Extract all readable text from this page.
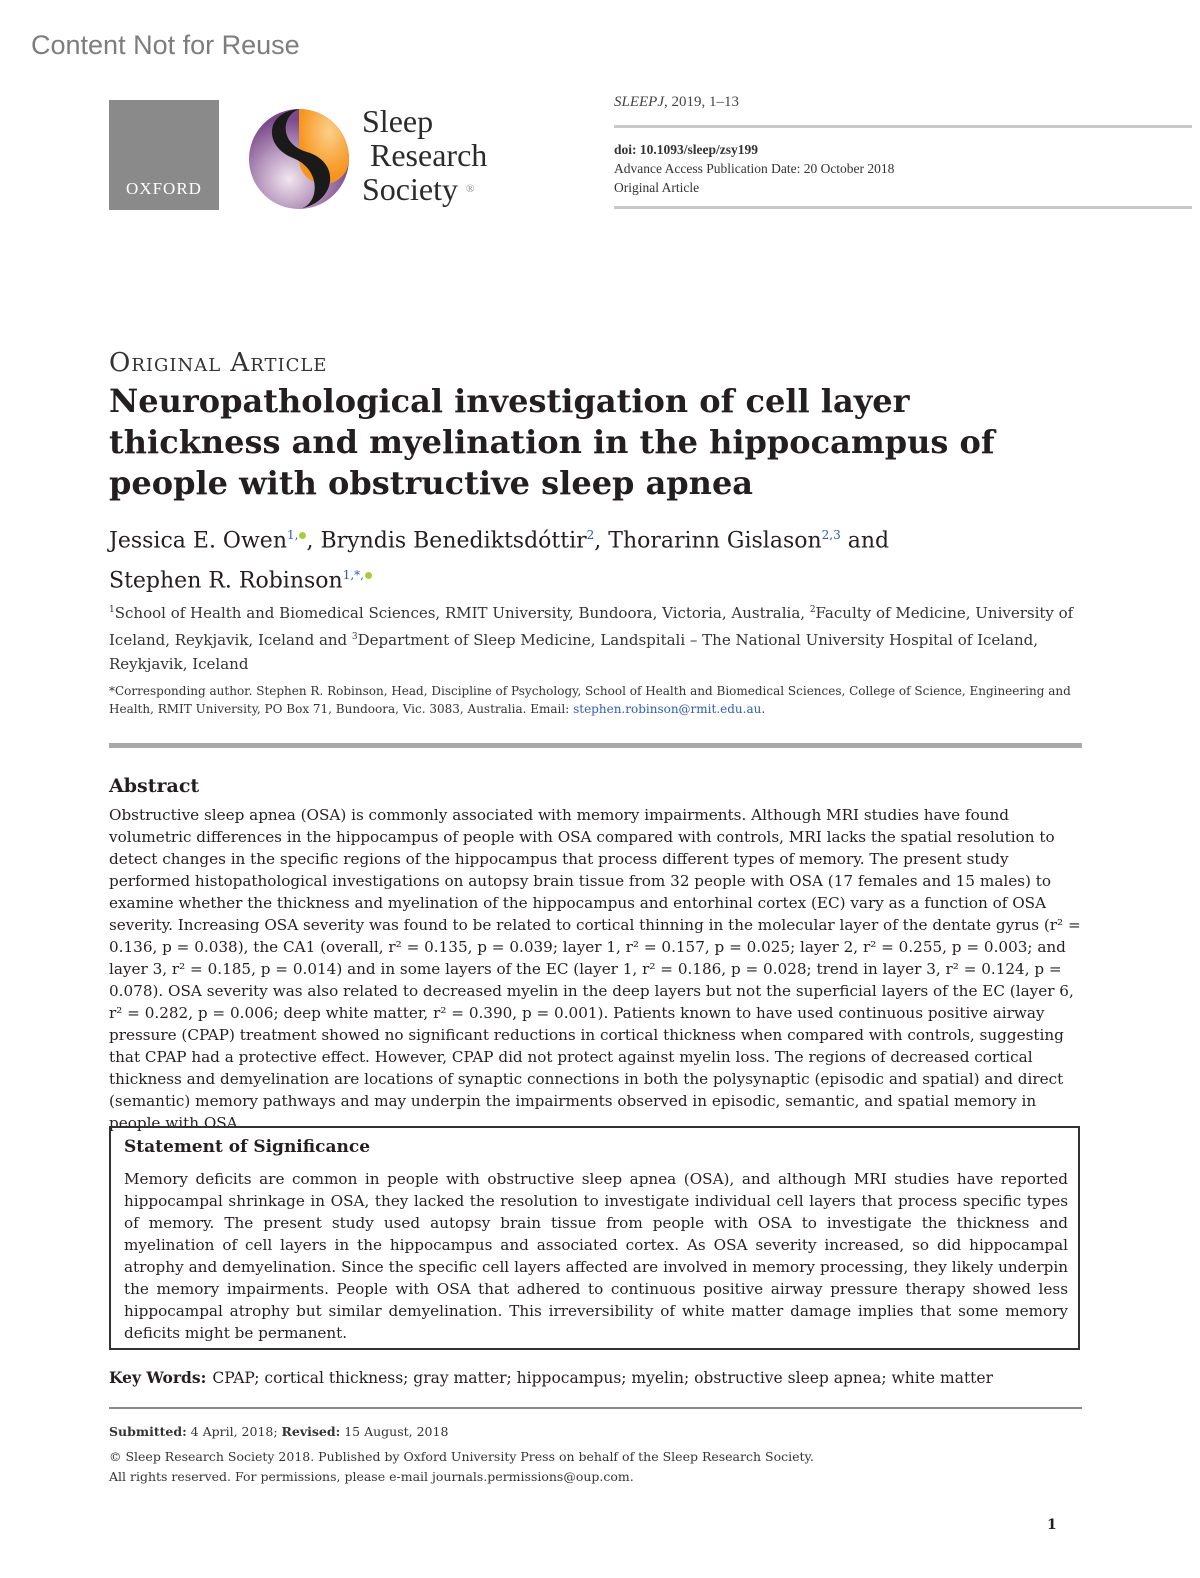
Content Not for Reuse
OXFORD
Sleep
Research
Society ®
SLEEPJ, 2019, 1–13
doi: 10.1093/sleep/zsy199
Advance Access Publication Date: 20 October 2018
Original Article
Original Article
Neuropathological investigation of cell layer thickness and myelination in the hippocampus of people with obstructive sleep apnea
Jessica E. Owen$^{1,}$ , Bryndis Benediktsdóttir$^2$, Thorarinn Gislason$^{2,3}$ and
Stephen R. Robinson$^{1,*,}$
$^1$School of Health and Biomedical Sciences, RMIT University, Bundoora, Victoria, Australia, $^2$Faculty of Medicine, University of Iceland, Reykjavik, Iceland and $^3$Department of Sleep Medicine, Landspitali – The National University Hospital of Iceland, Reykjavik, Iceland
*Corresponding author. Stephen R. Robinson, Head, Discipline of Psychology, School of Health and Biomedical Sciences, College of Science, Engineering and Health, RMIT University, PO Box 71, Bundoora, Vic. 3083, Australia. Email: stephen.robinson@rmit.edu.au.
Abstract
Obstructive sleep apnea (OSA) is commonly associated with memory impairments. Although MRI studies have found volumetric differences in the hippocampus of people with OSA compared with controls, MRI lacks the spatial resolution to detect changes in the specific regions of the hippocampus that process different types of memory. The present study performed histopathological investigations on autopsy brain tissue from 32 people with OSA (17 females and 15 males) to examine whether the thickness and myelination of the hippocampus and entorhinal cortex (EC) vary as a function of OSA severity. Increasing OSA severity was found to be related to cortical thinning in the molecular layer of the dentate gyrus (r² = 0.136, p = 0.038), the CA1 (overall, r² = 0.135, p = 0.039; layer 1, r² = 0.157, p = 0.025; layer 2, r² = 0.255, p = 0.003; and layer 3, r² = 0.185, p = 0.014) and in some layers of the EC (layer 1, r² = 0.186, p = 0.028; trend in layer 3, r² = 0.124, p = 0.078). OSA severity was also related to decreased myelin in the deep layers but not the superficial layers of the EC (layer 6, r² = 0.282, p = 0.006; deep white matter, r² = 0.390, p = 0.001). Patients known to have used continuous positive airway pressure (CPAP) treatment showed no significant reductions in cortical thickness when compared with controls, suggesting that CPAP had a protective effect. However, CPAP did not protect against myelin loss. The regions of decreased cortical thickness and demyelination are locations of synaptic connections in both the polysynaptic (episodic and spatial) and direct (semantic) memory pathways and may underpin the impairments observed in episodic, semantic, and spatial memory in people with OSA.
Statement of Significance
Memory deficits are common in people with obstructive sleep apnea (OSA), and although MRI studies have reported hippocampal shrinkage in OSA, they lacked the resolution to investigate individual cell layers that process specific types of memory. The present study used autopsy brain tissue from people with OSA to investigate the thickness and myelination of cell layers in the hippocampus and associated cortex. As OSA severity increased, so did hippocampal atrophy and demyelination. Since the specific cell layers affected are involved in memory processing, they likely underpin the memory impairments. People with OSA that adhered to continuous positive airway pressure therapy showed less hippocampal atrophy but similar demyelination. This irreversibility of white matter damage implies that some memory deficits might be permanent.
Key Words: CPAP; cortical thickness; gray matter; hippocampus; myelin; obstructive sleep apnea; white matter
Submitted: 4 April, 2018; Revised: 15 August, 2018
© Sleep Research Society 2018. Published by Oxford University Press on behalf of the Sleep Research Society.
All rights reserved. For permissions, please e-mail journals.permissions@oup.com.
1
